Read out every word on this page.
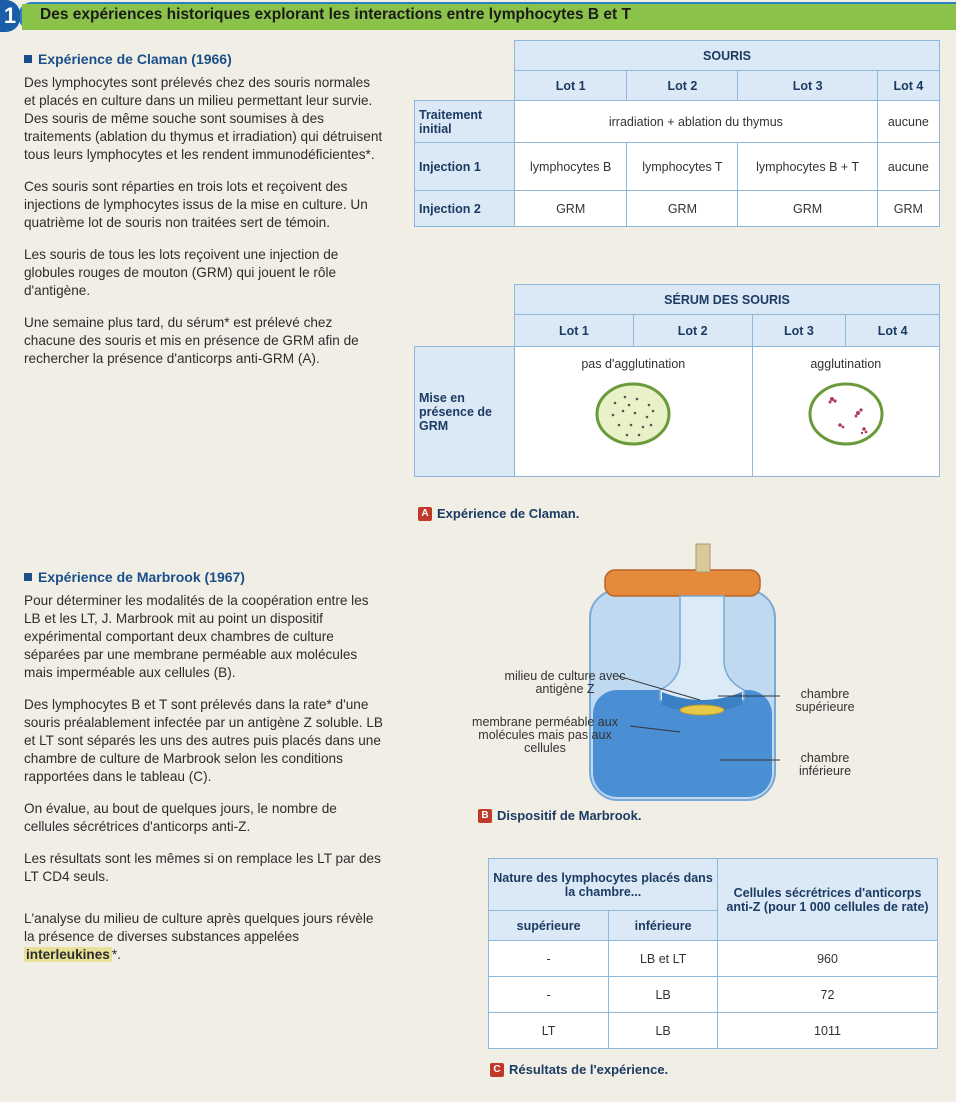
1 Des expériences historiques explorant les interactions entre lymphocytes B et T
Expérience de Claman (1966)

Des lymphocytes sont prélevés chez des souris normales et placés en culture dans un milieu permettant leur survie. Des souris de même souche sont soumises à des traitements (ablation du thymus et irradiation) qui détruisent tous leurs lymphocytes et les rendent immunodéficientes*.

Ces souris sont réparties en trois lots et reçoivent des injections de lymphocytes issus de la mise en culture. Un quatrième lot de souris non traitées sert de témoin.

Les souris de tous les lots reçoivent une injection de globules rouges de mouton (GRM) qui jouent le rôle d'antigène.

Une semaine plus tard, du sérum* est prélevé chez chacune des souris et mis en présence de GRM afin de rechercher la présence d'anticorps anti-GRM (A).

Expérience de Marbrook (1967)

Pour déterminer les modalités de la coopération entre les LB et les LT, J. Marbrook mit au point un dispositif expérimental comportant deux chambres de culture séparées par une membrane perméable aux molécules mais imperméable aux cellules (B).

Des lymphocytes B et T sont prélevés dans la rate* d'une souris préalablement infectée par un antigène Z soluble. LB et LT sont séparés les uns des autres puis placés dans une chambre de culture de Marbrook selon les conditions rapportées dans le tableau (C).

On évalue, au bout de quelques jours, le nombre de cellules sécrétrices d'anticorps anti-Z.

Les résultats sont les mêmes si on remplace les LT par des LT CD4 seuls.

L'analyse du milieu de culture après quelques jours révèle la présence de diverses substances appelées interleukines *.

	SOURIS			
	Lot 1	Lot 2	Lot 3	Lot 4
Traitement initial	irradiation + ablation du thymus			aucune
Injection 1	lymphocytes B	lymphocytes T	lymphocytes B + T	aucune
Injection 2	GRM	GRM	GRM	GRM
	SÉRUM DES SOURIS			
	Lot 1	Lot 2	Lot 3	Lot 4
Mise en présence de GRM	pas d'agglutination		agglutination	
A Expérience de Claman.
milieu de culture avec antigène Z
membrane perméable aux molécules mais pas aux cellules
chambre supérieure
chambre inférieure
B Dispositif de Marbrook.
Nature des lymphocytes placés dans la chambre...		Cellules sécrétrices d'anticorps anti-Z (pour 1 000 cellules de rate)
supérieure	inférieure	
-	LB et LT	960
-	LB	72
LT	LB	1011
C Résultats de l'expérience.
